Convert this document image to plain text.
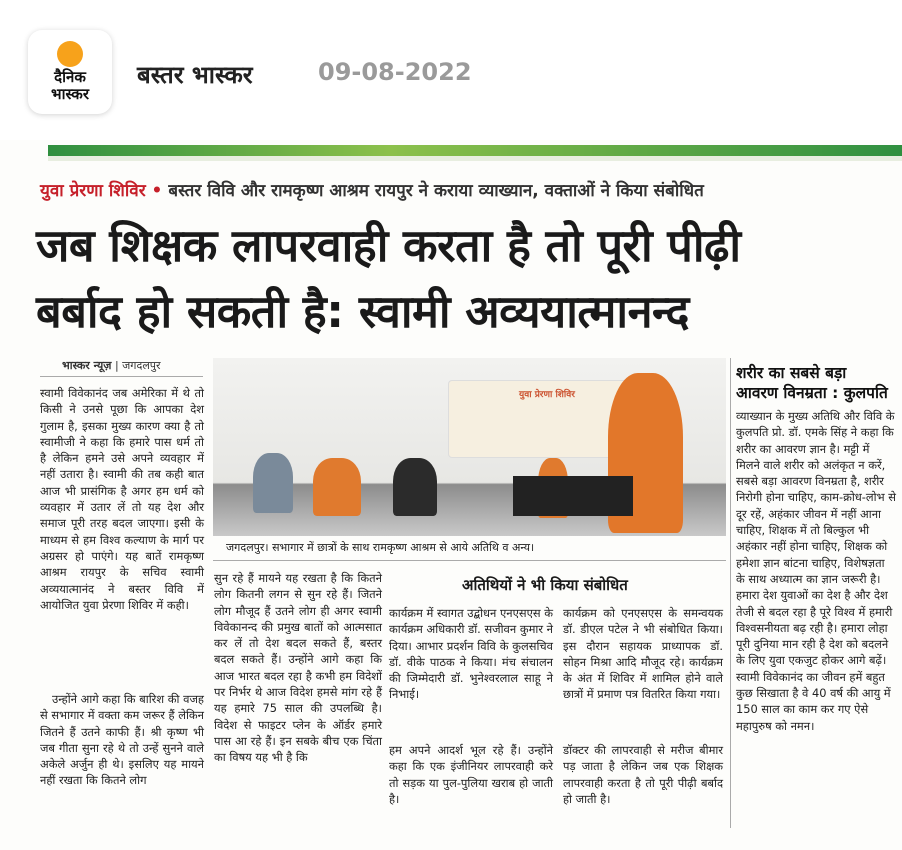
दैनिक
भास्कर
बस्तर भास्कर	09-08-2022
युवा प्रेरणा शिविर • बस्तर विवि और रामकृष्ण आश्रम रायपुर ने कराया व्याख्यान, वक्ताओं ने किया संबोधित
जब शिक्षक लापरवाही करता है तो पूरी पीढ़ी
बर्बाद हो सकती है: स्वामी अव्ययात्मानन्द
भास्कर न्यूज़ | जगदलपुर
स्वामी विवेकानंद जब अमेरिका में थे तो किसी ने उनसे पूछा कि आपका देश गुलाम है, इसका मुख्य कारण क्या है तो स्वामीजी ने कहा कि हमारे पास धर्म तो है लेकिन हमने उसे अपने व्यवहार में नहीं उतारा है। स्वामी की तब कही बात आज भी प्रासंगिक है अगर हम धर्म को व्यवहार में उतार लें तो यह देश और समाज पूरी तरह बदल जाएगा। इसी के माध्यम से हम विश्व कल्याण के मार्ग पर अग्रसर हो पाएंगे। यह बातें रामकृष्ण आश्रम रायपुर के सचिव स्वामी अव्ययात्मानंद ने बस्तर विवि में आयोजित युवा प्रेरणा शिविर में कही।
उन्होंने आगे कहा कि बारिश की वजह से सभागार में वक्ता कम जरूर हैं लेकिन जितने हैं उतने काफी हैं। श्री कृष्ण भी जब गीता सुना रहे थे तो उन्हें सुनने वाले अकेले अर्जुन ही थे। इसलिए यह मायने नहीं रखता कि कितने लोग
युवा प्रेरणा शिविर
जगदलपुर। सभागार में छात्रों के साथ रामकृष्ण आश्रम से आये अतिथि व अन्य।
सुन रहे हैं मायने यह रखता है कि कितने लोग कितनी लगन से सुन रहे हैं। जितने लोग मौजूद हैं उतने लोग ही अगर स्वामी विवेकानन्द की प्रमुख बातों को आत्मसात कर लें तो देश बदल सकते हैं, बस्तर बदल सकते हैं। उन्होंने आगे कहा कि आज भारत बदल रहा है कभी हम विदेशों पर निर्भर थे आज विदेश हमसे मांग रहे हैं यह हमारे 75 साल की उपलब्धि है। विदेश से फाइटर प्लेन के ऑर्डर हमारे पास आ रहे हैं। इन सबके बीच एक चिंता का विषय यह भी है कि
अतिथियों ने भी किया संबोधित
कार्यक्रम में स्वागत उद्बोधन एनएसएस के कार्यक्रम अधिकारी डॉ. सजीवन कुमार ने दिया। आभार प्रदर्शन विवि के कुलसचिव डॉ. वीके पाठक ने किया। मंच संचालन की जिम्मेदारी डॉ. भुनेश्वरलाल साहू ने निभाई।
हम अपने आदर्श भूल रहे हैं। उन्होंने कहा कि एक इंजीनियर लापरवाही करे तो सड़क या पुल-पुलिया खराब हो जाती है।
कार्यक्रम को एनएसएस के समन्वयक डॉ. डीएल पटेल ने भी संबोधित किया। इस दौरान सहायक प्राध्यापक डॉ. सोहन मिश्रा आदि मौजूद रहे। कार्यक्रम के अंत में शिविर में शामिल होने वाले छात्रों में प्रमाण पत्र वितरित किया गया।
डॉक्टर की लापरवाही से मरीज बीमार पड़ जाता है लेकिन जब एक शिक्षक लापरवाही करता है तो पूरी पीढ़ी बर्बाद हो जाती है।
शरीर का सबसे बड़ा
आवरण विनम्रता : कुलपति
व्याख्यान के मुख्य अतिथि और विवि के कुलपति प्रो. डॉ. एमके सिंह ने कहा कि शरीर का आवरण ज्ञान है। मट्टी में मिलने वाले शरीर को अलंकृत न करें, सबसे बड़ा आवरण विनम्रता है, शरीर निरोगी होना चाहिए, काम-क्रोध-लोभ से दूर रहें, अहंकार जीवन में नहीं आना चाहिए, शिक्षक में तो बिल्कुल भी अहंकार नहीं होना चाहिए, शिक्षक को हमेशा ज्ञान बांटना चाहिए, विशेषज्ञता के साथ अध्यात्म का ज्ञान जरूरी है। हमारा देश युवाओं का देश है और देश तेजी से बदल रहा है पूरे विश्व में हमारी विश्वसनीयता बढ़ रही है। हमारा लोहा पूरी दुनिया मान रही है देश को बदलने के लिए युवा एकजुट होकर आगे बढ़ें। स्वामी विवेकानंद का जीवन हमें बहुत कुछ सिखाता है वे 40 वर्ष की आयु में 150 साल का काम कर गए ऐसे महापुरुष को नमन।
